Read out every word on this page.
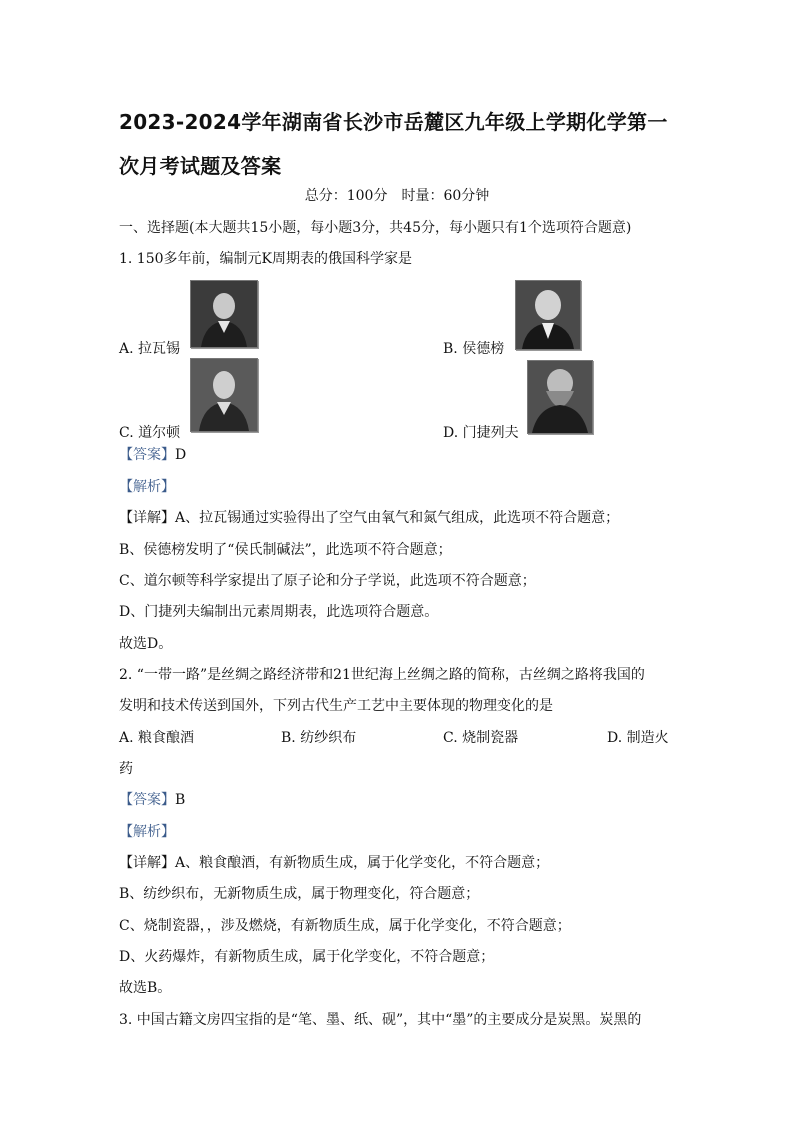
2023-2024学年湖南省长沙市岳麓区九年级上学期化学第一
次月考试题及答案
总分：100分　时量：60分钟
一、选择题(本大题共15小题，每小题3分，共45分，每小题只有1个选项符合题意)
1. 150多年前，编制元K周期表的俄国科学家是
A. 拉瓦锡	B. 侯德榜
C. 道尔顿	D. 门捷列夫
【答案】D
【解析】
【详解】A、拉瓦锡通过实验得出了空气由氧气和氮气组成，此选项不符合题意；
B、侯德榜发明了“侯氏制碱法”，此选项不符合题意；
C、道尔顿等科学家提出了原子论和分子学说，此选项不符合题意；
D、门捷列夫编制出元素周期表，此选项符合题意。
故选D。
2. “一带一路”是丝绸之路经济带和21世纪海上丝绸之路的简称，古丝绸之路将我国的
发明和技术传送到国外，下列古代生产工艺中主要体现的物理变化的是
A. 粮食酿酒	B. 纺纱织布	C. 烧制瓷器	D. 制造火
药
【答案】B
【解析】
【详解】A、粮食酿酒，有新物质生成，属于化学变化，不符合题意；
B、纺纱织布，无新物质生成，属于物理变化，符合题意；
C、烧制瓷器，，涉及燃烧，有新物质生成，属于化学变化，不符合题意；
D、火药爆炸，有新物质生成，属于化学变化，不符合题意；
故选B。
3. 中国古籍文房四宝指的是“笔、墨、纸、砚”，其中“墨”的主要成分是炭黑。炭黑的
